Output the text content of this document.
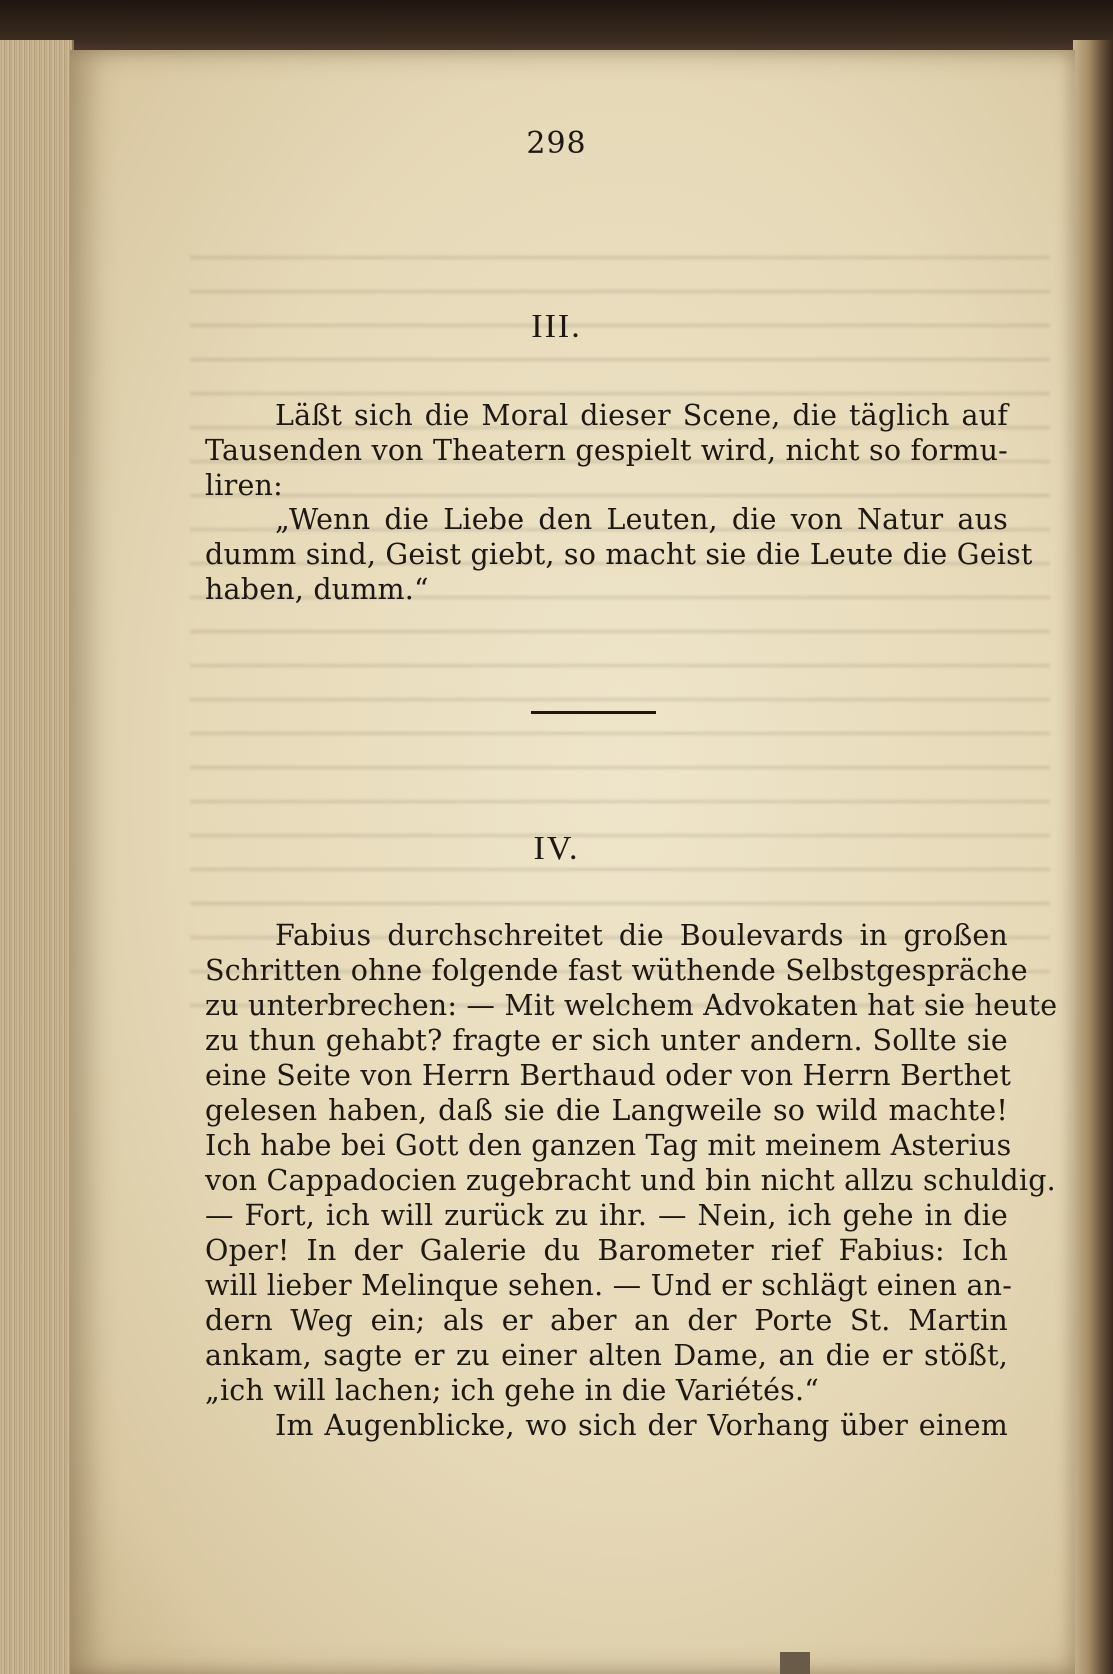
298
III.
Läßt sich die Moral dieser Scene, die täglich auf
Tausenden von Theatern gespielt wird, nicht so formu-
liren:
„Wenn die Liebe den Leuten, die von Natur aus
dumm sind, Geist giebt, so macht sie die Leute die Geist
haben, dumm.“
IV.
Fabius durchschreitet die Boulevards in großen
Schritten ohne folgende fast wüthende Selbstgespräche
zu unterbrechen: — Mit welchem Advokaten hat sie heute
zu thun gehabt? fragte er sich unter andern. Sollte sie
eine Seite von Herrn Berthaud oder von Herrn Berthet
gelesen haben, daß sie die Langweile so wild machte!
Ich habe bei Gott den ganzen Tag mit meinem Asterius
von Cappadocien zugebracht und bin nicht allzu schuldig.
— Fort, ich will zurück zu ihr. — Nein, ich gehe in die
Oper! In der Galerie du Barometer rief Fabius: Ich
will lieber Melinque sehen. — Und er schlägt einen an-
dern Weg ein; als er aber an der Porte St. Martin
ankam, sagte er zu einer alten Dame, an die er stößt,
„ich will lachen; ich gehe in die Variétés.“
Im Augenblicke, wo sich der Vorhang über einem
